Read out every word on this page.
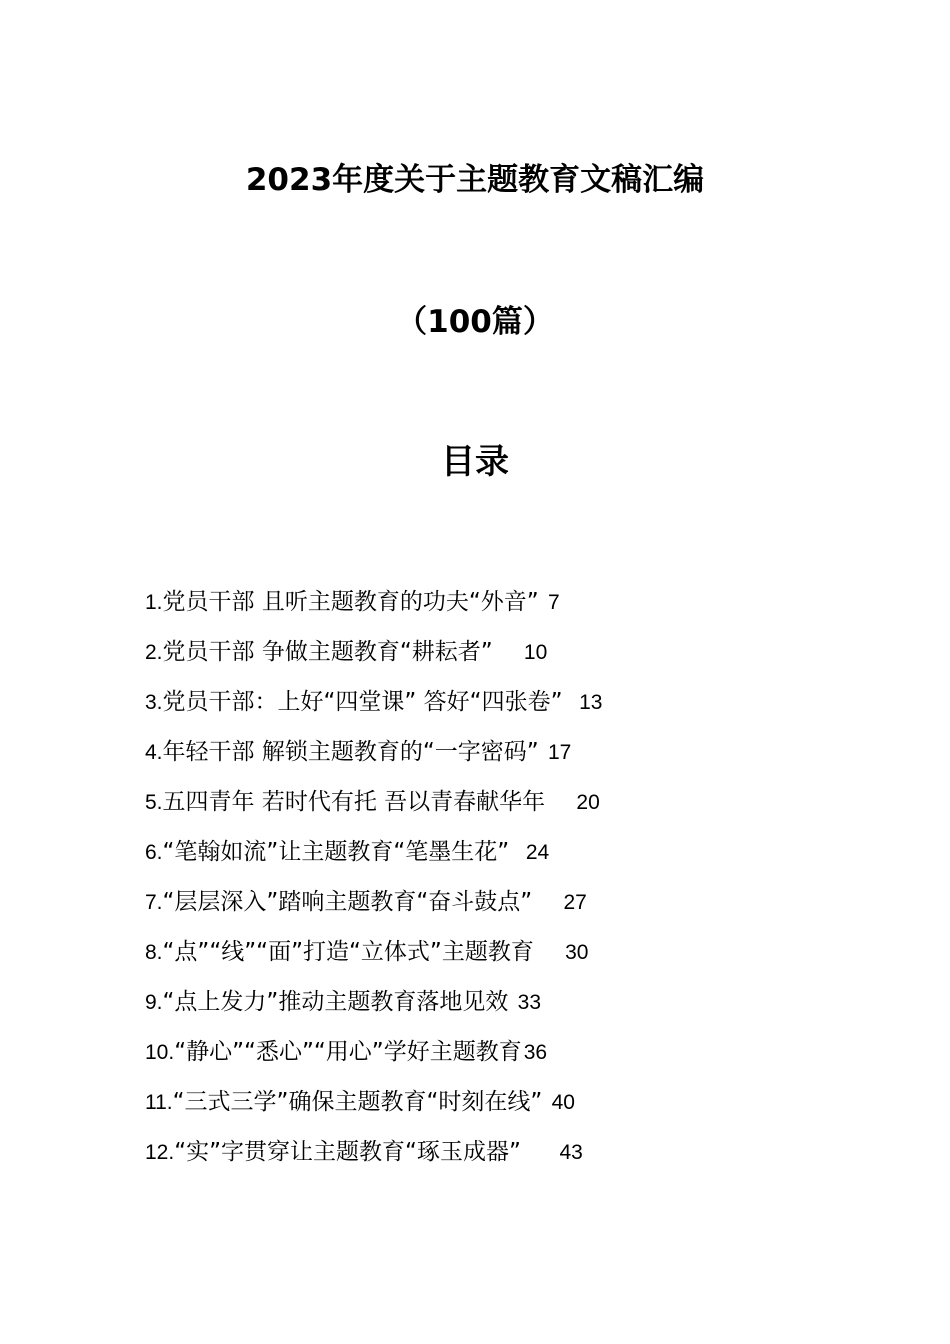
2023年度关于主题教育文稿汇编
（100篇）
目录
1.党员干部 且听主题教育的功夫“外音” 7
2.党员干部 争做主题教育“耕耘者” 10
3.党员干部：上好“四堂课” 答好“四张卷” 13
4.年轻干部 解锁主题教育的“一字密码” 17
5.五四青年 若时代有托 吾以青春献华年 20
6.“笔翰如流”让主题教育“笔墨生花” 24
7.“层层深入”踏响主题教育“奋斗鼓点” 27
8.“点”“线”“面”打造“立体式”主题教育 30
9.“点上发力”推动主题教育落地见效 33
10.“静心”“悉心”“用心”学好主题教育36
11.“三式三学”确保主题教育“时刻在线” 40
12.“实”字贯穿让主题教育“琢玉成器” 43
